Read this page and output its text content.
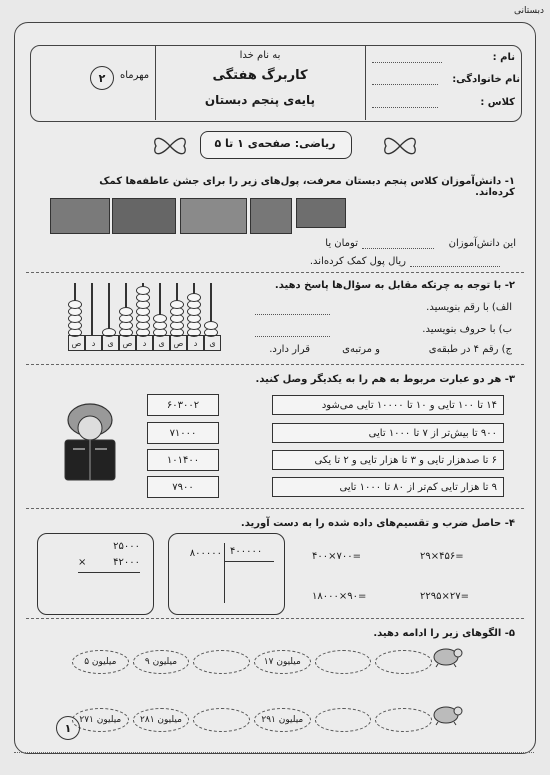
دبستانی
نام :
نام خانوادگی:
کلاس :
به نام خدا
کاربرگ هفتگی
پایه‌ی پنجم دبستان
مهرماه
۲
ریاضی: صفحه‌ی ۱ تا ۵
۱- دانش‌آموزان کلاس پنجم دبستان معرفت، پول‌های زیر را برای جشن عاطفه‌ها کمک کرده‌اند.
این دانش‌آموزان
تومان یا
ریال پول کمک کرده‌اند.
۲- با توجه به چرتکه مقابل به سؤال‌ها پاسخ دهید.
الف) با رقم بنویسید.
ب) با حروف بنویسید.
ج) رقم ۴ در طبقه‌ی
و مرتبه‌ی
قرار دارد.
ی
د
ص
ی
د
ص
ی
د
ص
۳- هر دو عبارت مربوط به هم را به یکدیگر وصل کنید.
۶۰۳۰۰۲
۷۱۰۰۰
۱۰۱۴۰۰
۷۹۰۰
۱۴ تا ۱۰۰ تایی و ۱۰ تا ۱۰۰۰۰ تایی می‌شود
۹۰۰ تا بیش‌تر از ۷ تا ۱۰۰۰ تایی
۶ تا صدهزار تایی و ۳ تا هزار تایی و ۲ تا یکی
۹ تا هزار تایی کم‌تر از ۸۰ تا ۱۰۰۰ تایی
۴- حاصل ضرب و تقسیم‌های داده شده را به دست آورید.
۲۵۰۰۰
×	۴۲۰۰۰
۸۰۰۰۰۰ ۴۰۰۰۰۰	۲۹×۴۵۶=
۴۰۰×۷۰۰=
۲۲۹۵×۲۷=
۱۸۰۰۰×۹۰=
۵- الگوهای زیر را ادامه دهید.
۱۷ میلیون
۹ میلیون
۵ میلیون
۲۹۱ میلیون
۲۸۱ میلیون
۲۷۱ میلیون
۱
